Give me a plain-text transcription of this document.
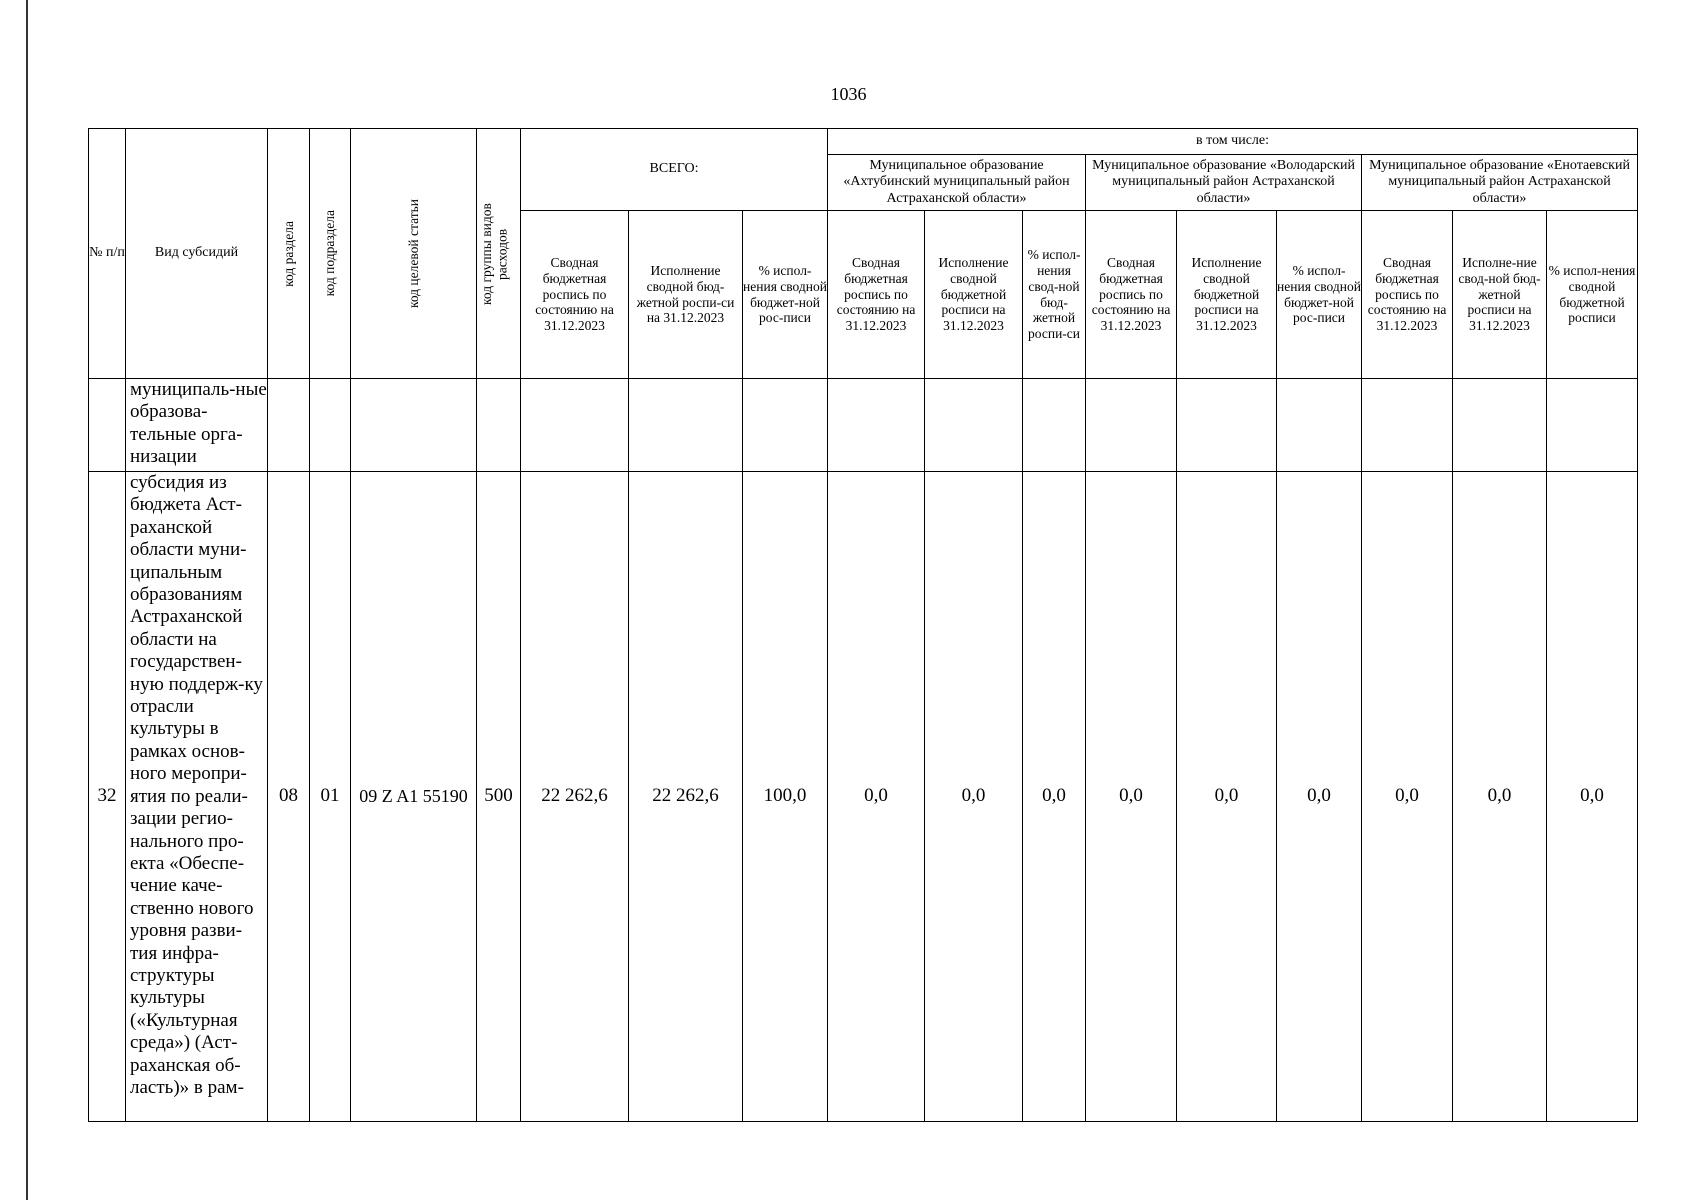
1036
№ п/п	Вид субсидий	код раздела	код подраздела	код целевой статьи	код группы видов расходов	ВСЕГО:			в том числе:								
									Муниципальное образование «Ахтубинский муниципальный район Астраханской области»			Муниципальное образование «Володарский муниципальный район Астраханской области»			Муниципальное образование «Енотаевский муниципальный район Астраханской области»		
						Сводная бюджетная роспись по состоянию на 31.12.2023	Исполнение сводной бюд-жетной роспи-си на 31.12.2023	% испол-нения сводной бюджет-ной рос-писи	Сводная бюджетная роспись по состоянию на 31.12.2023	Исполнение сводной бюджетной росписи на 31.12.2023	% испол-нения свод-ной бюд-жетной роспи-си	Сводная бюджетная роспись по состоянию на 31.12.2023	Исполнение сводной бюджетной росписи на 31.12.2023	% испол-нения сводной бюджет-ной рос-писи	Сводная бюджетная роспись по состоянию на 31.12.2023	Исполне-ние свод-ной бюд-жетной росписи на 31.12.2023	% испол-нения сводной бюджетной росписи
	муниципаль-ные образова-тельные орга-низации																
32	субсидия из бюджета Аст-раханской области муни-ципальным образованиям Астраханской области на государствен-ную поддерж-ку отрасли культуры в рамках основ-ного меропри-ятия по реали-зации регио-нального про-екта «Обеспе-чение каче-ственно нового уровня разви-тия инфра-структуры культуры («Культурная среда») (Аст-раханская об-ласть)» в рам-	08	01	09 Z A1 55190	500	22 262,6	22 262,6	100,0	0,0	0,0	0,0	0,0	0,0	0,0	0,0	0,0	0,0
